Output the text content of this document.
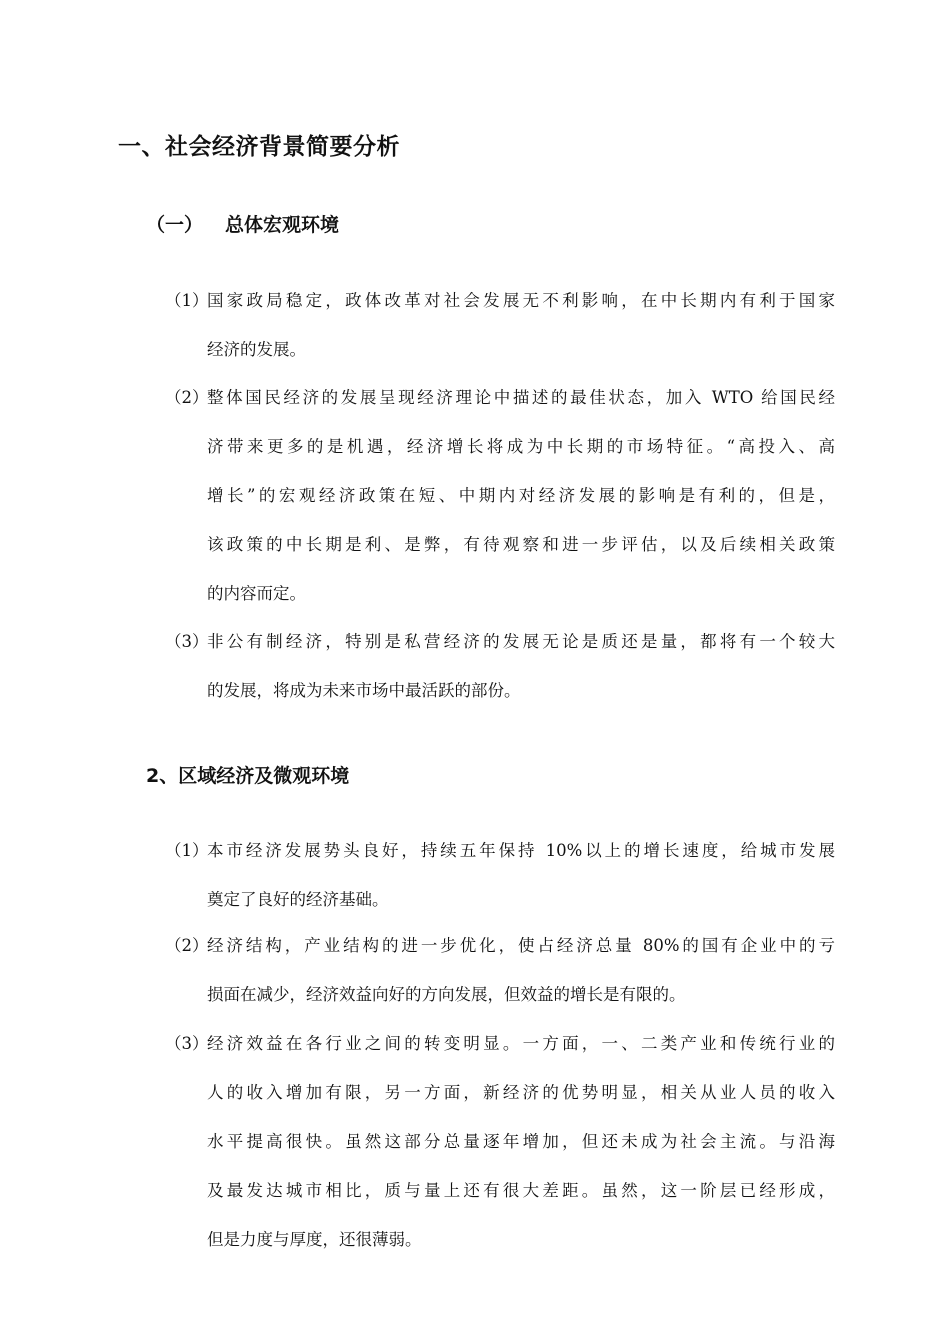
一、社会经济背景简要分析
（一） 总体宏观环境
（1）
国家政局稳定，政体改革对社会发展无不利影响，在中长期内有利于国家
经济的发展。
（2）
整体国民经济的发展呈现经济理论中描述的最佳状态，加入 WTO 给国民经
济带来更多的是机遇，经济增长将成为中长期的市场特征。“高投入、高
增长”的宏观经济政策在短、中期内对经济发展的影响是有利的，但是，
该政策的中长期是利、是弊，有待观察和进一步评估，以及后续相关政策
的内容而定。
（3）
非公有制经济，特别是私营经济的发展无论是质还是量，都将有一个较大
的发展，将成为未来市场中最活跃的部份。
2、区域经济及微观环境
（1）
本市经济发展势头良好，持续五年保持 10%以上的增长速度，给城市发展
奠定了良好的经济基础。
（2）
经济结构，产业结构的进一步优化，使占经济总量 80%的国有企业中的亏
损面在减少，经济效益向好的方向发展，但效益的增长是有限的。
（3）
经济效益在各行业之间的转变明显。一方面，一、二类产业和传统行业的
人的收入增加有限，另一方面，新经济的优势明显，相关从业人员的收入
水平提高很快。虽然这部分总量逐年增加，但还未成为社会主流。与沿海
及最发达城市相比，质与量上还有很大差距。虽然，这一阶层已经形成，
但是力度与厚度，还很薄弱。
